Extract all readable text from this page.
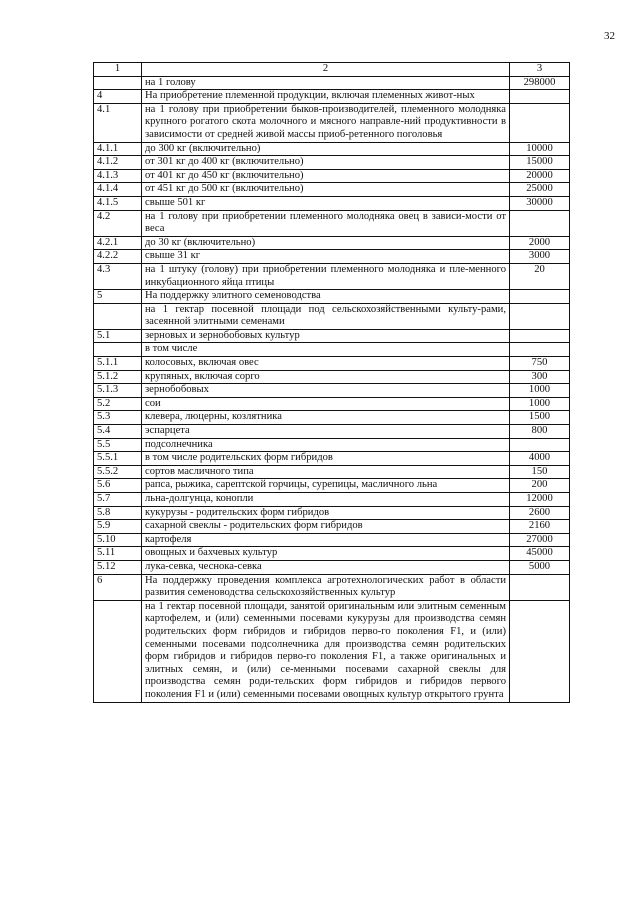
32
1	2	3
	на 1 голову	298000
4	На приобретение племенной продукции, включая племенных живот-ных	
4.1	на 1 голову при приобретении быков-производителей, племенного молодняка крупного рогатого скота молочного и мясного направле-ний продуктивности в зависимости от средней живой массы приоб-ретенного поголовья	
4.1.1	до 300 кг (включительно)	10000
4.1.2	от 301 кг до 400 кг (включительно)	15000
4.1.3	от 401 кг до 450 кг (включительно)	20000
4.1.4	от 451 кг до 500 кг (включительно)	25000
4.1.5	свыше 501 кг	30000
4.2	на 1 голову при приобретении племенного молодняка овец в зависи-мости от веса	
4.2.1	до 30 кг (включительно)	2000
4.2.2	свыше 31 кг	3000
4.3	на 1 штуку (голову) при приобретении племенного молодняка и пле-менного инкубационного яйца птицы	20
5	На поддержку элитного семеноводства	
	на 1 гектар посевной площади под сельскохозяйственными культу-рами, засеянной элитными семенами	
5.1	зерновых и зернобобовых культур	
	в том числе	
5.1.1	колосовых, включая овес	750
5.1.2	крупяных, включая сорго	300
5.1.3	зернобобовых	1000
5.2	сои	1000
5.3	клевера, люцерны, козлятника	1500
5.4	эспарцета	800
5.5	подсолнечника	
5.5.1	в том числе родительских форм гибридов	4000
5.5.2	сортов масличного типа	150
5.6	рапса, рыжика, сарептской горчицы, сурепицы, масличного льна	200
5.7	льна-долгунца, конопли	12000
5.8	кукурузы - родительских форм гибридов	2600
5.9	сахарной свеклы - родительских форм гибридов	2160
5.10	картофеля	27000
5.11	овощных и бахчевых культур	45000
5.12	лука-севка, чеснока-севка	5000
6	На поддержку проведения комплекса агротехнологических работ в области развития семеноводства сельскохозяйственных культур	
	на 1 гектар посевной площади, занятой оригинальным или элитным семенным картофелем, и (или) семенными посевами кукурузы для производства семян родительских форм гибридов и гибридов перво-го поколения F1, и (или) семенными посевами подсолнечника для производства семян родительских форм гибридов и гибридов перво-го поколения F1, а также оригинальных и элитных семян, и (или) се-менными посевами сахарной свеклы для производства семян роди-тельских форм гибридов и гибридов первого поколения F1 и (или) семенными посевами овощных культур открытого грунта	
